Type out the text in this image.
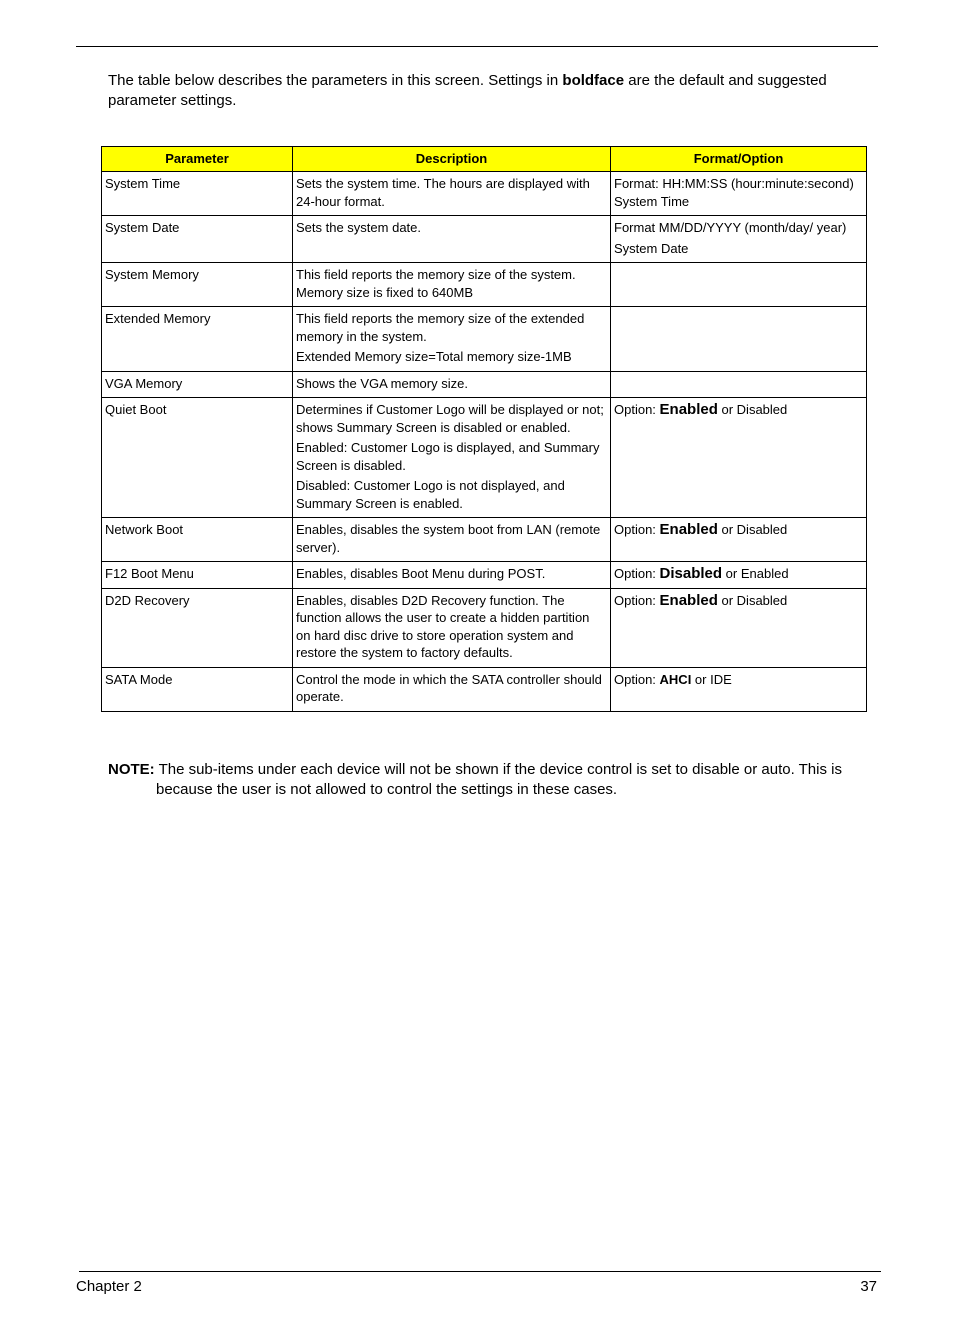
The table below describes the parameters in this screen. Settings in boldface are the default and suggested parameter settings.
Parameter	Description	Format/Option
System Time	Sets the system time. The hours are displayed with 24-hour format.	Format: HH:MM:SS (hour:minute:second) System Time

System Date	Sets the system date.	Format MM/DD/YYYY (month/day/ year)

System Date

System Memory	This field reports the memory size of the system. Memory size is fixed to 640MB	

Extended Memory	This field reports the memory size of the extended memory in the system.

Extended Memory size=Total memory size-1MB	

VGA Memory	Shows the VGA memory size.	

Quiet Boot	Determines if Customer Logo will be displayed or not; shows Summary Screen is disabled or enabled.

Enabled: Customer Logo is displayed, and Summary Screen is disabled.

Disabled: Customer Logo is not displayed, and Summary Screen is enabled.	Option: Enabled or Disabled

Network Boot	Enables, disables the system boot from LAN (remote server).	Option: Enabled or Disabled

F12 Boot Menu	Enables, disables Boot Menu during POST.	Option: Disabled or Enabled

D2D Recovery	Enables, disables D2D Recovery function. The function allows the user to create a hidden partition on hard disc drive to store operation system and restore the system to factory defaults.	Option: Enabled or Disabled

SATA Mode	Control the mode in which the SATA controller should operate.	Option: AHCI or IDE

NOTE: The sub-items under each device will not be shown if the device control is set to disable or auto. This is
because the user is not allowed to control the settings in these cases.
Chapter 2	37
